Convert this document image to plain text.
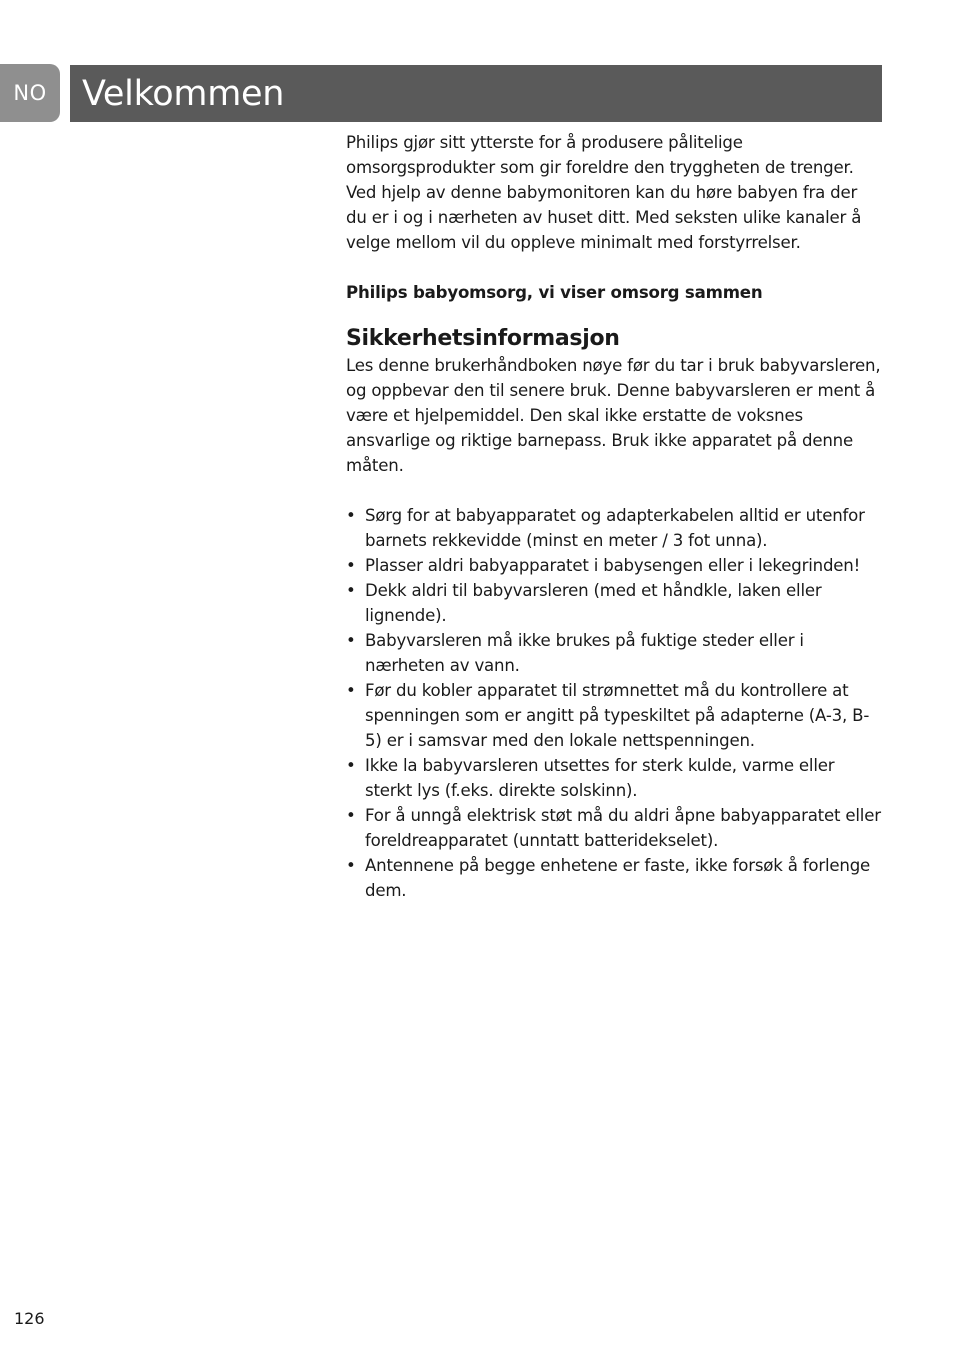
NO	Velkommen

Philips gjør sitt ytterste for å produsere pålitelige omsorgsprodukter som gir foreldre den tryggheten de trenger. Ved hjelp av denne babymonitoren kan du høre babyen fra der du er i og i nærheten av huset ditt. Med seksten ulike kanaler å velge mellom vil du oppleve minimalt med forstyrrelser.

Philips babyomsorg, vi viser omsorg sammen

Sikkerhetsinformasjon

Les denne brukerhåndboken nøye før du tar i bruk babyvarsleren, og oppbevar den til senere bruk. Denne babyvarsleren er ment å være et hjelpemiddel. Den skal ikke erstatte de voksnes ansvarlige og riktige barnepass. Bruk ikke apparatet på denne måten.

• Sørg for at babyapparatet og adapterkabelen alltid er utenfor barnets rekkevidde (minst en meter / 3 fot unna).
• Plasser aldri babyapparatet i babysengen eller i lekegrinden!
• Dekk aldri til babyvarsleren (med et håndkle, laken eller lignende).
• Babyvarsleren må ikke brukes på fuktige steder eller i nærheten av vann.
• Før du kobler apparatet til strømnettet må du kontrollere at spenningen som er angitt på typeskiltet på adapterne (A-3, B-5) er i samsvar med den lokale nettspenningen.
• Ikke la babyvarsleren utsettes for sterk kulde, varme eller sterkt lys (f.eks. direkte solskinn).
• For å unngå elektrisk støt må du aldri åpne babyapparatet eller foreldreapparatet (unntatt batteridekselet).
• Antennene på begge enhetene er faste, ikke forsøk å forlenge dem.
126
